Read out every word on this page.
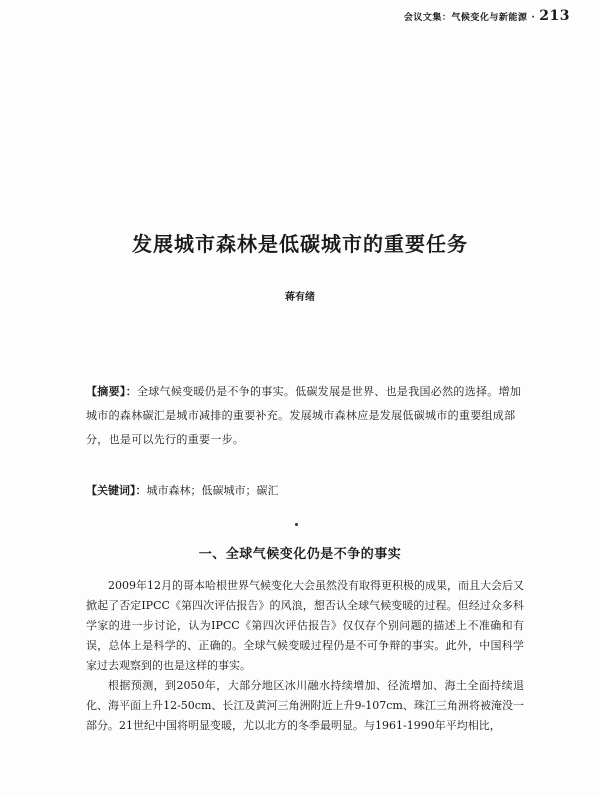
会议文集：气候变化与新能源 · 213
发展城市森林是低碳城市的重要任务
蒋有绪
【摘要】：全球气候变暖仍是不争的事实。低碳发展是世界、也是我国必然的选择。增加城市的森林碳汇是城市减排的重要补充。发展城市森林应是发展低碳城市的重要组成部分，也是可以先行的重要一步。
【关键词】：城市森林；低碳城市；碳汇
一、全球气候变化仍是不争的事实

2009年12月的哥本哈根世界气候变化大会虽然没有取得更积极的成果，而且大会后又掀起了否定IPCC《第四次评估报告》的风浪，想否认全球气候变暖的过程。但经过众多科学家的进一步讨论，认为IPCC《第四次评估报告》仅仅存个别问题的描述上不准确和有误，总体上是科学的、正确的。全球气候变暖过程仍是不可争辩的事实。此外，中国科学家过去观察到的也是这样的事实。

根据预测，到2050年，大部分地区冰川融水持续增加、径流增加、海土全面持续退化、海平面上升12-50cm、长江及黄河三角洲附近上升9-107cm、珠江三角洲将被淹没一部分。21世纪中国将明显变暖，尤以北方的冬季最明显。与1961-1990年平均相比，
